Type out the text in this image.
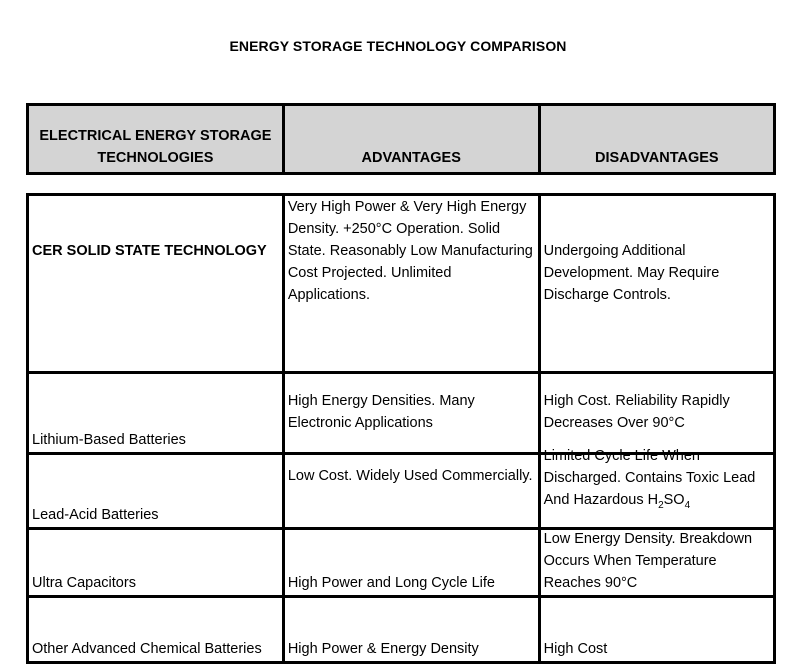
ENERGY STORAGE TECHNOLOGY COMPARISON
ELECTRICAL ENERGY STORAGE TECHNOLOGIES	ADVANTAGES	DISADVANTAGES
CER SOLID STATE TECHNOLOGY	Very High Power & Very High Energy Density. +250°C Operation. Solid State. Reasonably Low Manufacturing Cost Projected. Unlimited Applications.	Undergoing Additional Development. May Require Discharge Controls.
Lithium-Based Batteries	High Energy Densities. Many Electronic Applications	High Cost. Reliability Rapidly Decreases Over 90°C
Lead-Acid Batteries	Low Cost. Widely Used Commercially.	Limited Cycle Life When Discharged. Contains Toxic Lead And Hazardous $H_2SO_4$

Ultra Capacitors	High Power and Long Cycle Life	Low Energy Density. Breakdown Occurs When Temperature Reaches 90°C

Other Advanced Chemical Batteries	High Power & Energy Density	High Cost
